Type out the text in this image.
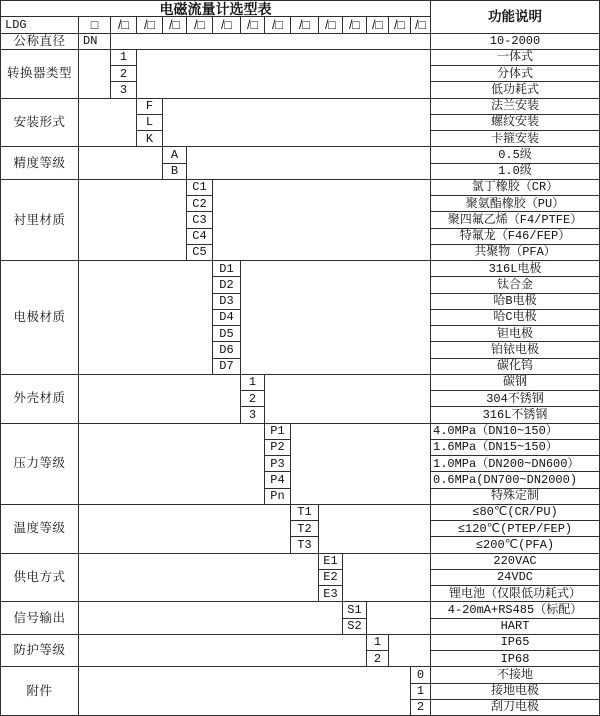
电磁流量计选型表	功能说明
LDG	□	/□	/□	/□	/□	/□	/□	/□	/□	/□	/□ /□ /□ /□
公称直径	DN	10-2000
转换器类型
1	一体式
2	分体式
3	低功耗式
安装形式
F	法兰安装
L	螺纹安装
K	卡箍安装
精度等级
A	0.5级
B	1.0级
衬里材质
C1	氯丁橡胶（CR）
C2	聚氨酯橡胶（PU）
C3	聚四氟乙烯（F4/PTFE）
C4	特氟龙（F46/FEP）
C5	共聚物（PFA）
电极材质
D1	316L电极
D2	钛合金
D3	哈B电极
D4	哈C电极
D5	钽电极
D6	铂铱电极
D7	碳化钨
外壳材质
1	碳钢
2	304不锈钢
3	316L不锈钢
压力等级
P1	4.0MPa（DN10~150）
P2	1.6MPa（DN15~150）
P3	1.0MPa（DN200~DN600）
P4	0.6MPa(DN700~DN2000)
Pn	特殊定制
温度等级
T1	≤80℃(CR/PU)
T2	≤120℃(PTEP/FEP)
T3	≤200℃(PFA)
供电方式
E1	220VAC
E2	24VDC
E3	锂电池（仅限低功耗式）
信号输出
S1	4-20mA+RS485（标配）
S2	HART
防护等级
1	IP65
2	IP68
附件
0	不接地
1	接地电极
2	刮刀电极
